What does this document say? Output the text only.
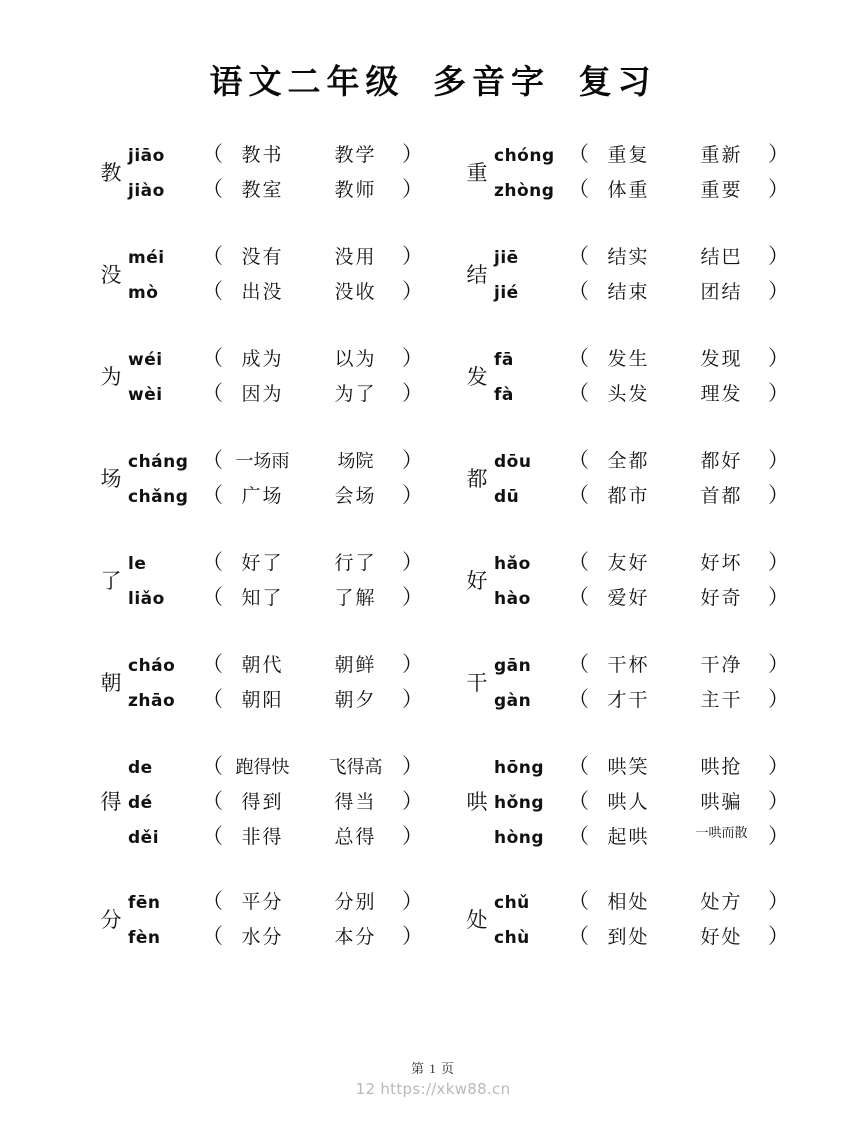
语文二年级  多音字  复习
教
jiāo	（ 教书	教学	）
jiào	（ 教室	教师	）
没
méi	（ 没有	没用	）
mò	（ 出没	没收	）
为
wéi	（ 成为	以为	）
wèi	（ 因为	为了	）
场
cháng （ 一场雨	场院	）
chǎng （ 广场	会场	）
了
le	（ 好了	行了	）
liǎo	（ 知了	了解	）
朝
cháo	（ 朝代	朝鲜	）
zhāo	（ 朝阳	朝夕	）
得
de	（ 跑得快	飞得高 ）
dé	（ 得到	得当	）
děi	（ 非得	总得	）
分
fēn	（ 平分	分别	）
fèn	（ 水分	本分	）
重
chóng （ 重复	重新	）
zhòng （ 体重	重要	）
结
jiē	（ 结实	结巴	）
jié	（ 结束	团结	）
发
fā	（ 发生	发现	）
fà	（ 头发	理发	）
都
dōu	（ 全都	都好	）
dū	（ 都市	首都	）
好
hǎo	（ 友好	好坏	）
hào	（ 爱好	好奇	）
干
gān	（ 干杯	干净	）
gàn	（ 才干	主干	）
哄
hōng	（ 哄笑	哄抢	）
hǒng	（ 哄人	哄骗	）
hòng	（ 起哄	一哄而散 ）
处
chǔ	（ 相处	处方	）
chù	（ 到处	好处	）
第 1 页
12 https://xkw88.cn
